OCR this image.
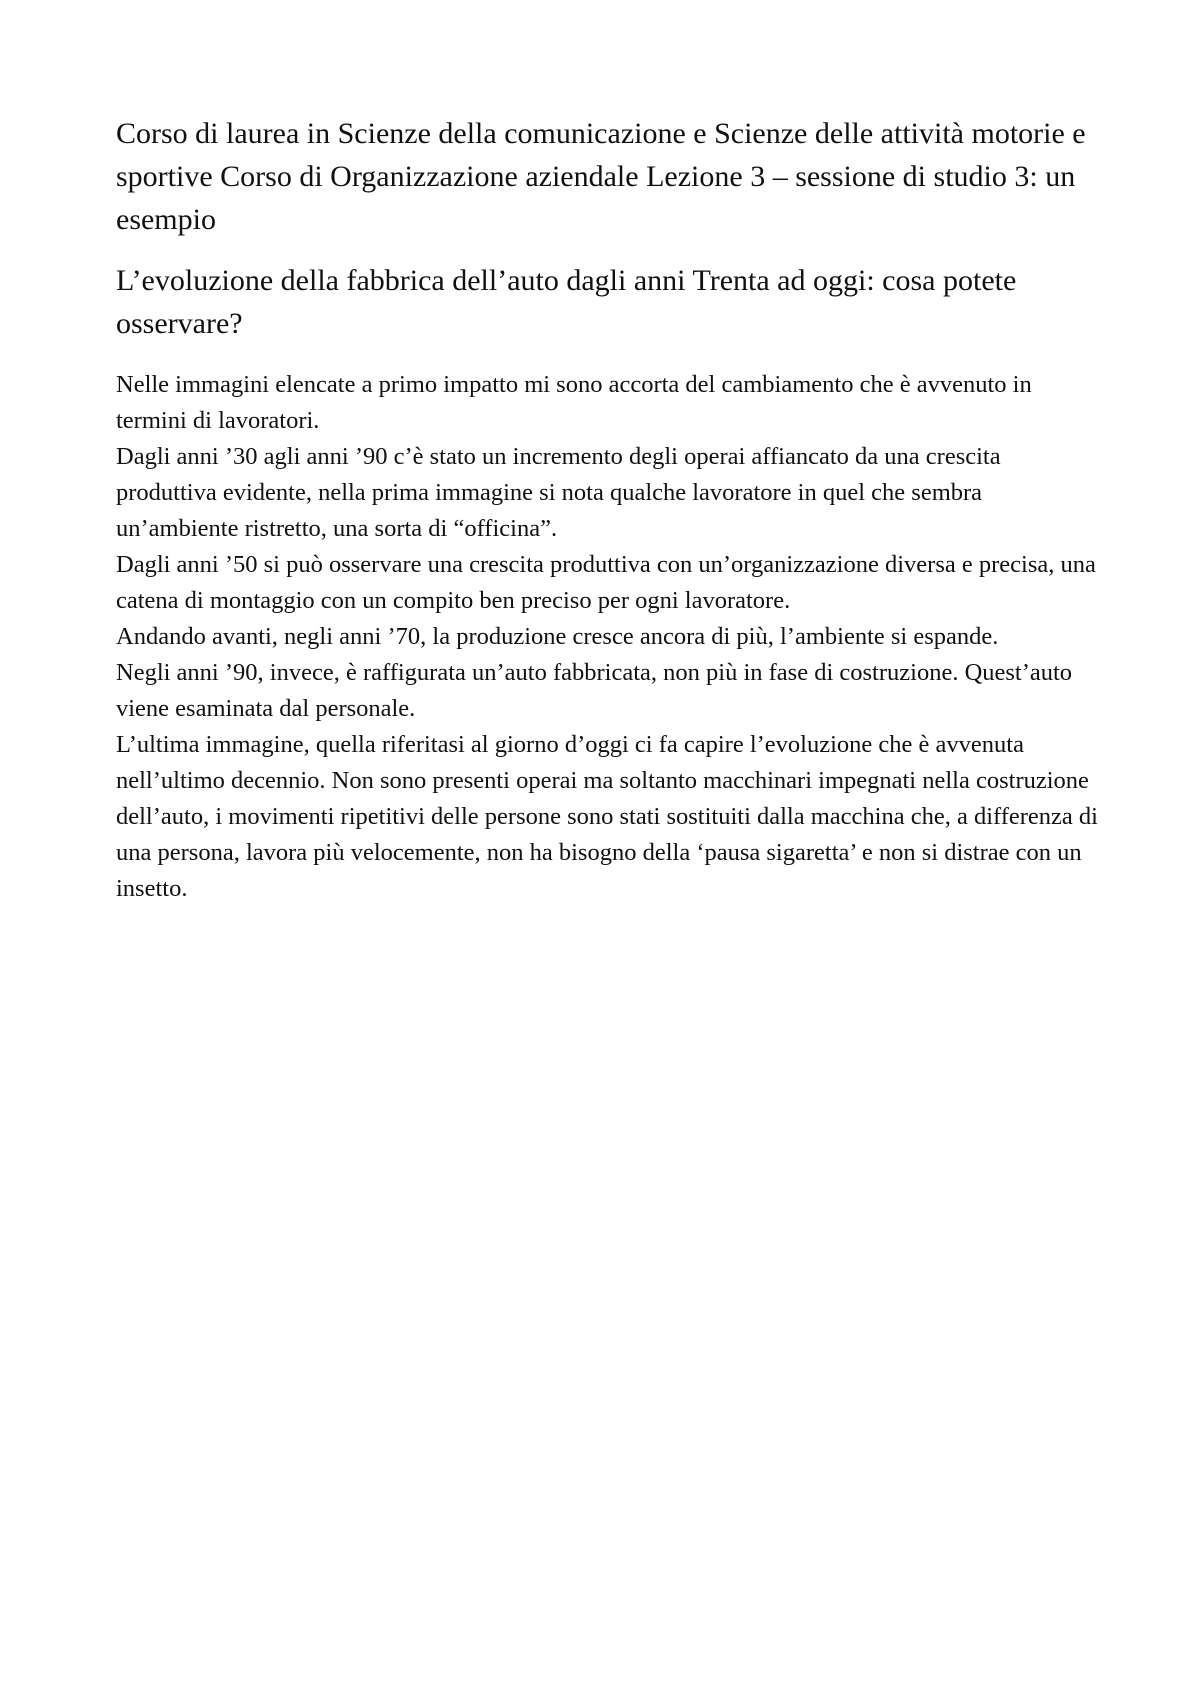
Corso di laurea in Scienze della comunicazione e Scienze delle attività motorie e sportive Corso di Organizzazione aziendale Lezione 3 – sessione di studio 3: un esempio
L’evoluzione della fabbrica dell’auto dagli anni Trenta ad oggi: cosa potete osservare?

Nelle immagini elencate a primo impatto mi sono accorta del cambiamento che è avvenuto in termini di lavoratori.

Dagli anni ’30 agli anni ’90 c’è stato un incremento degli operai affiancato da una crescita produttiva evidente, nella prima immagine si nota qualche lavoratore in quel che sembra un’ambiente ristretto, una sorta di “officina”.

Dagli anni ’50 si può osservare una crescita produttiva con un’organizzazione diversa e precisa, una catena di montaggio con un compito ben preciso per ogni lavoratore.

Andando avanti, negli anni ’70, la produzione cresce ancora di più, l’ambiente si espande.

Negli anni ’90, invece, è raffigurata un’auto fabbricata, non più in fase di costruzione. Quest’auto viene esaminata dal personale.

L’ultima immagine, quella riferitasi al giorno d’oggi ci fa capire l’evoluzione che è avvenuta nell’ultimo decennio. Non sono presenti operai ma soltanto macchinari impegnati nella costruzione dell’auto, i movimenti ripetitivi delle persone sono stati sostituiti dalla macchina che, a differenza di una persona, lavora più velocemente, non ha bisogno della ‘pausa sigaretta’ e non si distrae con un insetto.
